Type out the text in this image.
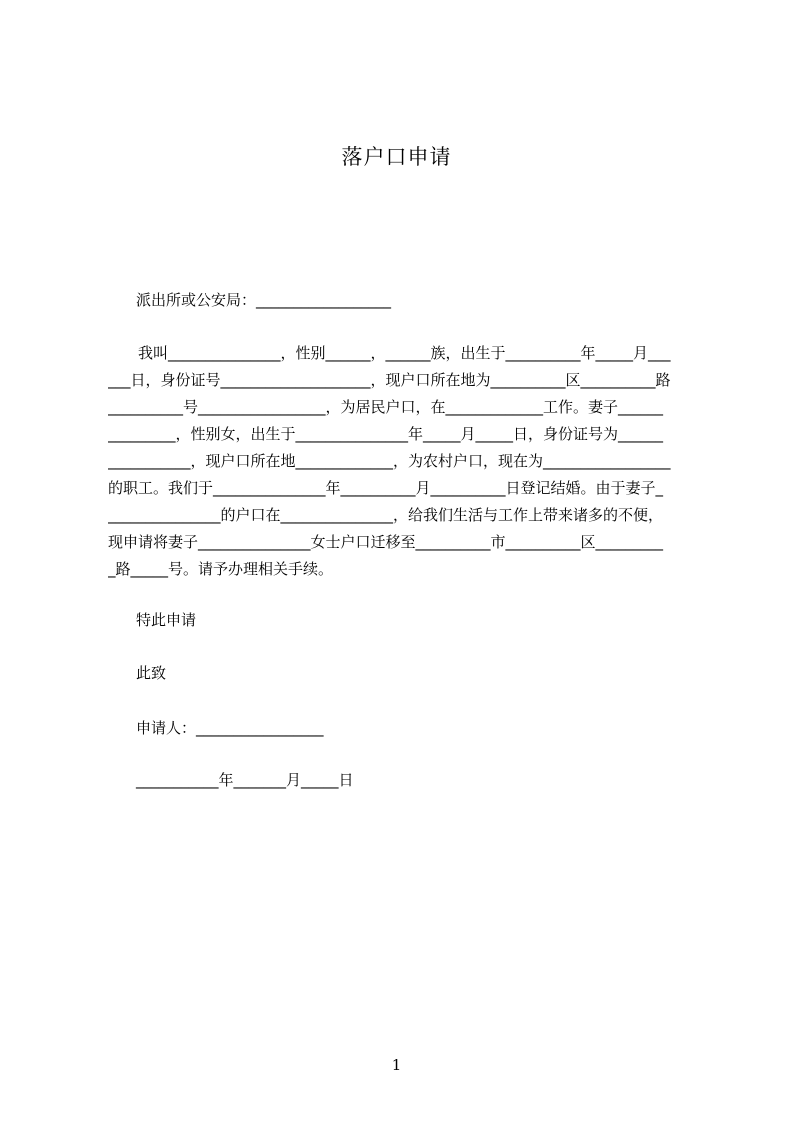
落户口申请
派出所或公安局：__________________
我叫_______________，性别______，______族，出生于__________年_____月___
___日，身份证号____________________，现户口所在地为__________区__________路
__________号_________________，为居民户口，在_____________工作。妻子______
_________，性别女，出生于_______________年_____月_____日，身份证号为______
___________，现户口所在地_____________，为农村户口，现在为_________________
的职工。我们于_______________年__________月__________日登记结婚。由于妻子_
_______________的户口在_______________，给我们生活与工作上带来诸多的不便，
现申请将妻子_______________女士户口迁移至__________市__________区_________
_路_____号。请予办理相关手续。
特此申请
此致
申请人：_________________
___________年_______月_____日
1
